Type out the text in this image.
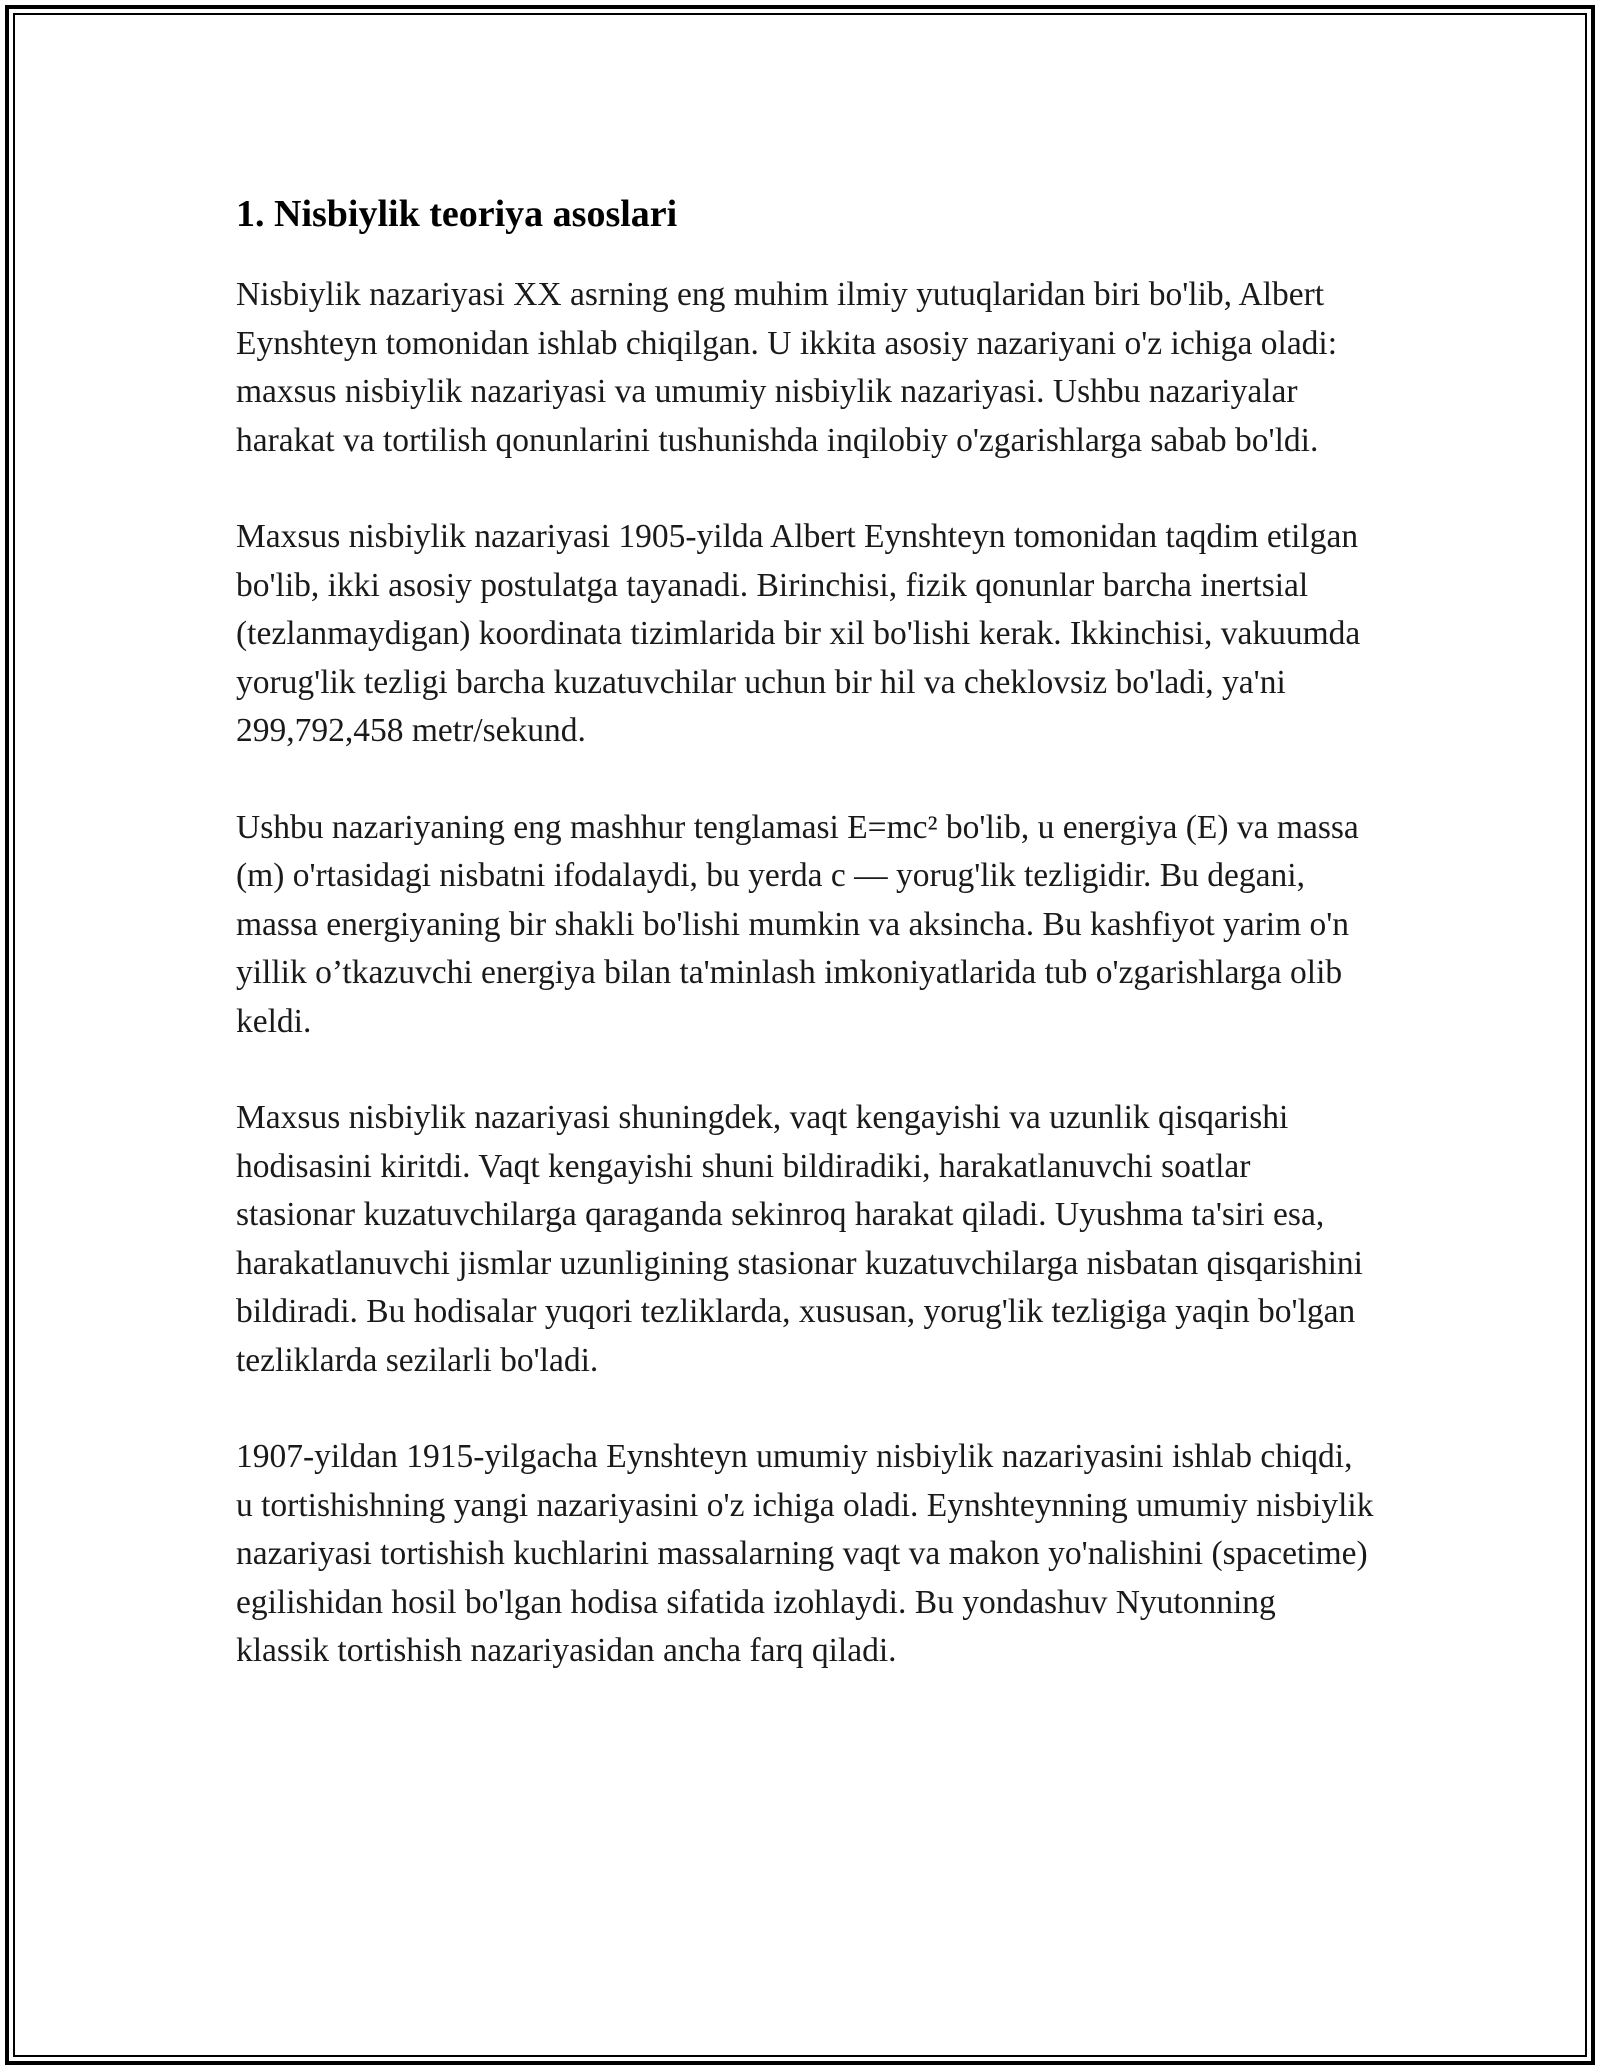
1. Nisbiylik teoriya asoslari

Nisbiylik nazariyasi XX asrning eng muhim ilmiy yutuqlaridan biri bo'lib, Albert Eynshteyn tomonidan ishlab chiqilgan. U ikkita asosiy nazariyani o'z ichiga oladi: maxsus nisbiylik nazariyasi va umumiy nisbiylik nazariyasi. Ushbu nazariyalar harakat va tortilish qonunlarini tushunishda inqilobiy o'zgarishlarga sabab bo'ldi.

Maxsus nisbiylik nazariyasi 1905-yilda Albert Eynshteyn tomonidan taqdim etilgan bo'lib, ikki asosiy postulatga tayanadi. Birinchisi, fizik qonunlar barcha inertsial (tezlanmaydigan) koordinata tizimlarida bir xil bo'lishi kerak. Ikkinchisi, vakuumda yorug'lik tezligi barcha kuzatuvchilar uchun bir hil va cheklovsiz bo'ladi, ya'ni 299,792,458 metr/sekund.

Ushbu nazariyaning eng mashhur tenglamasi E=mc² bo'lib, u energiya (E) va massa (m) o'rtasidagi nisbatni ifodalaydi, bu yerda c — yorug'lik tezligidir. Bu degani, massa energiyaning bir shakli bo'lishi mumkin va aksincha. Bu kashfiyot yarim o'n yillik o’tkazuvchi energiya bilan ta'minlash imkoniyatlarida tub o'zgarishlarga olib keldi.

Maxsus nisbiylik nazariyasi shuningdek, vaqt kengayishi va uzunlik qisqarishi hodisasini kiritdi. Vaqt kengayishi shuni bildiradiki, harakatlanuvchi soatlar stasionar kuzatuvchilarga qaraganda sekinroq harakat qiladi. Uyushma ta'siri esa, harakatlanuvchi jismlar uzunligining stasionar kuzatuvchilarga nisbatan qisqarishini bildiradi. Bu hodisalar yuqori tezliklarda, xususan, yorug'lik tezligiga yaqin bo'lgan tezliklarda sezilarli bo'ladi.

1907-yildan 1915-yilgacha Eynshteyn umumiy nisbiylik nazariyasini ishlab chiqdi, u tortishishning yangi nazariyasini o'z ichiga oladi. Eynshteynning umumiy nisbiylik nazariyasi tortishish kuchlarini massalarning vaqt va makon yo'nalishini (spacetime) egilishidan hosil bo'lgan hodisa sifatida izohlaydi. Bu yondashuv Nyutonning klassik tortishish nazariyasidan ancha farq qiladi.
